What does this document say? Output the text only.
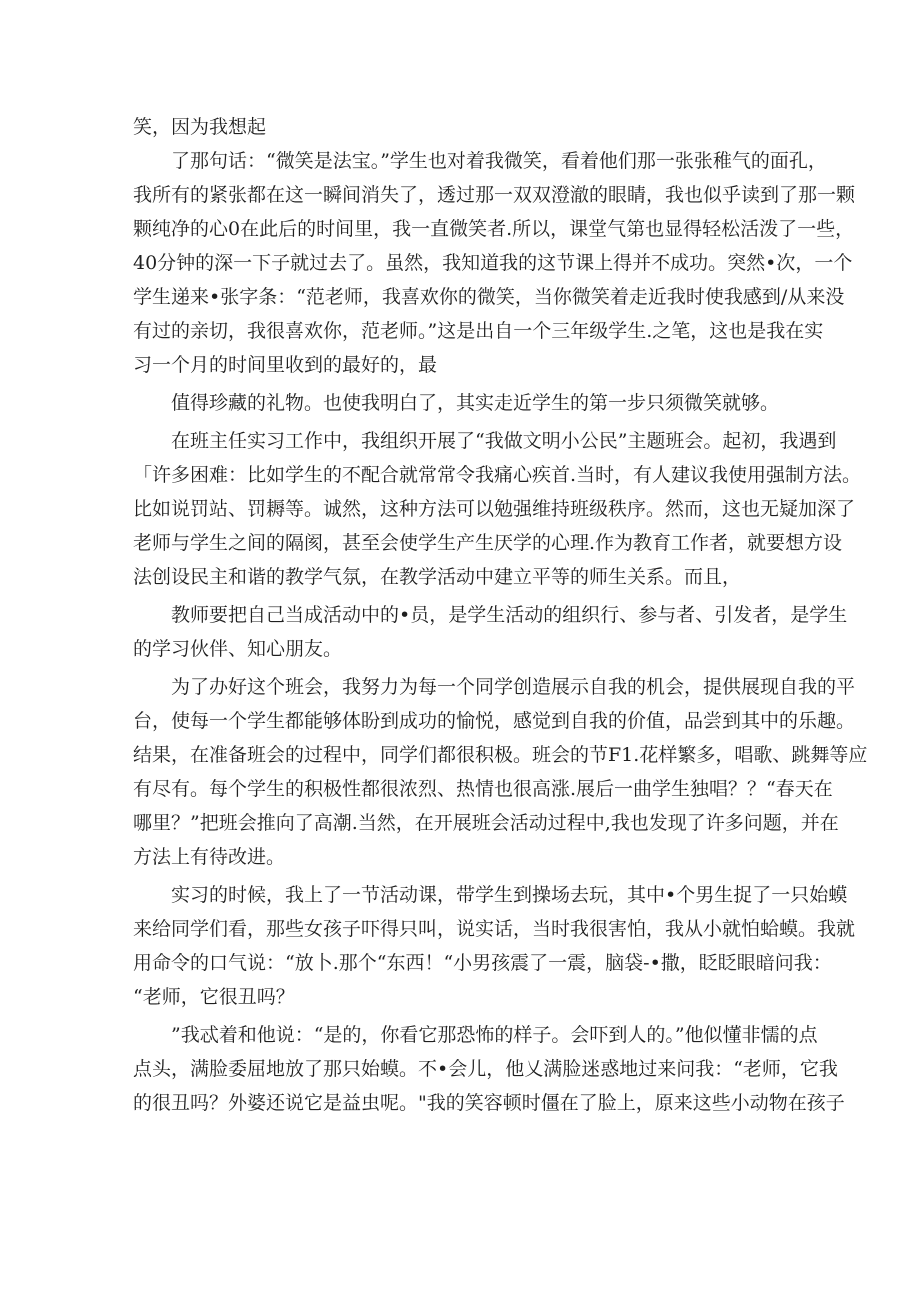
笑，因为我想起
了那句话：“微笑是法宝。”学生也对着我微笑，看着他们那一张张稚气的面孔，
我所有的紧张都在这一瞬间消失了，透过那一双双澄澈的眼睛，我也似乎读到了那一颗
颗纯净的心0在此后的时间里，我一直微笑者.所以，课堂气第也显得轻松活泼了一些，
40分钟的深一下子就过去了。虽然，我知道我的这节课上得并不成功。突然•次，一个
学生递来•张字条：“范老师，我喜欢你的微笑，当你微笑着走近我时使我感到/从来没
有过的亲切，我很喜欢你，范老师。”这是出自一个三年级学生.之笔，这也是我在实
习一个月的时间里收到的最好的，最
值得珍藏的礼物。也使我明白了，其实走近学生的第一步只须微笑就够。
在班主任实习工作中，我组织开展了“我做文明小公民”主题班会。起初，我遇到
「许多困难：比如学生的不配合就常常令我痛心疾首.当时，有人建议我使用强制方法。
比如说罚站、罚耨等。诚然，这种方法可以勉强维持班级秩序。然而，这也无疑加深了
老师与学生之间的隔阂，甚至会使学生产生厌学的心理.作为教育工作者，就要想方设
法创设民主和谐的教学气氛，在教学活动中建立平等的师生关系。而且，
教师要把自己当成活动中的•员，是学生活动的组织行、参与者、引发者，是学生
的学习伙伴、知心朋友。
为了办好这个班会，我努力为每一个同学创造展示自我的机会，提供展现自我的平
台，使每一个学生都能够体盼到成功的愉悦，感觉到自我的价值，品尝到其中的乐趣。
结果，在准备班会的过程中，同学们都很积极。班会的节F1.花样繁多，唱歌、跳舞等应
有尽有。每个学生的积极性都很浓烈、热情也很高涨.展后一曲学生独唱？？“春天在
哪里？”把班会推向了高潮.当然，在开展班会活动过程中,我也发现了许多问题，并在
方法上有待改进。
实习的时候，我上了一节活动课，带学生到操场去玩，其中•个男生捉了一只始蟆
来给同学们看，那些女孩子吓得只叫，说实话，当时我很害怕，我从小就怕蛤蟆。我就
用命令的口气说：“放卜.那个“东西！“小男孩震了一震，脑袋-•撒，眨眨眼暗问我：
“老师，它很丑吗？
”我忒着和他说：“是的，你看它那恐怖的样子。会吓到人的。”他似懂非懦的点
点头，满脸委屈地放了那只始蟆。不•会儿，他乂满脸迷惑地过来问我：“老师，它我
的很丑吗？外婆还说它是益虫呢。"我的笑容顿时僵在了脸上，原来这些小动物在孩子
